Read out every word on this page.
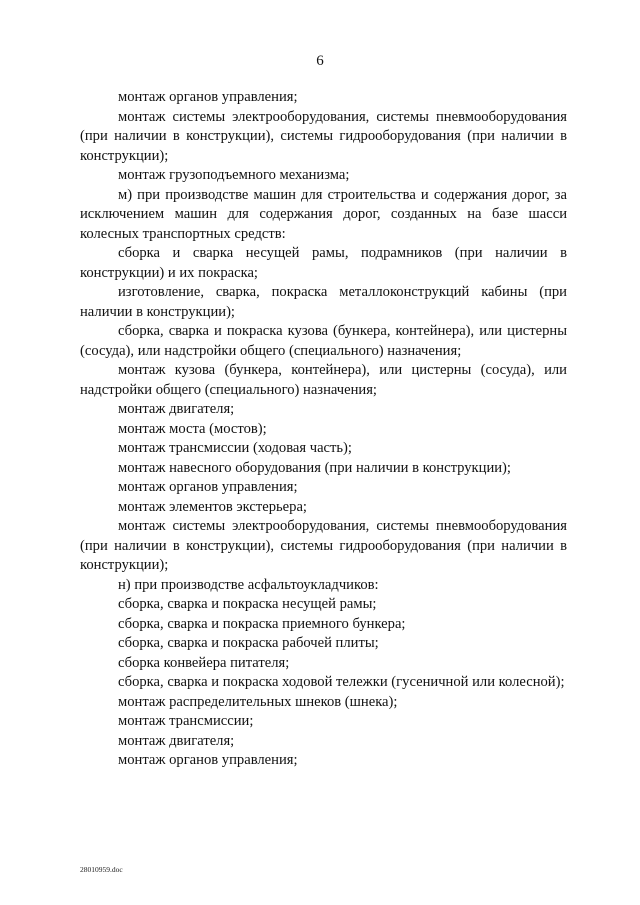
6

монтаж органов управления;

монтаж системы электрооборудования, системы пневмооборудования (при наличии в конструкции), системы гидрооборудования (при наличии в конструкции);

монтаж грузоподъемного механизма;

м) при производстве машин для строительства и содержания дорог, за исключением машин для содержания дорог, созданных на базе шасси колесных транспортных средств:

сборка и сварка несущей рамы, подрамников (при наличии в конструкции) и их покраска;

изготовление, сварка, покраска металлоконструкций кабины (при наличии в конструкции);

сборка, сварка и покраска кузова (бункера, контейнера), или цистерны (сосуда), или надстройки общего (специального) назначения;

монтаж кузова (бункера, контейнера), или цистерны (сосуда), или надстройки общего (специального) назначения;

монтаж двигателя;

монтаж моста (мостов);

монтаж трансмиссии (ходовая часть);

монтаж навесного оборудования (при наличии в конструкции);

монтаж органов управления;

монтаж элементов экстерьера;

монтаж системы электрооборудования, системы пневмооборудования (при наличии в конструкции), системы гидрооборудования (при наличии в конструкции);

н) при производстве асфальтоукладчиков:

сборка, сварка и покраска несущей рамы;

сборка, сварка и покраска приемного бункера;

сборка, сварка и покраска рабочей плиты;

сборка конвейера питателя;

сборка, сварка и покраска ходовой тележки (гусеничной или колесной);

монтаж распределительных шнеков (шнека);

монтаж трансмиссии;

монтаж двигателя;

монтаж органов управления;

28010959.doc
